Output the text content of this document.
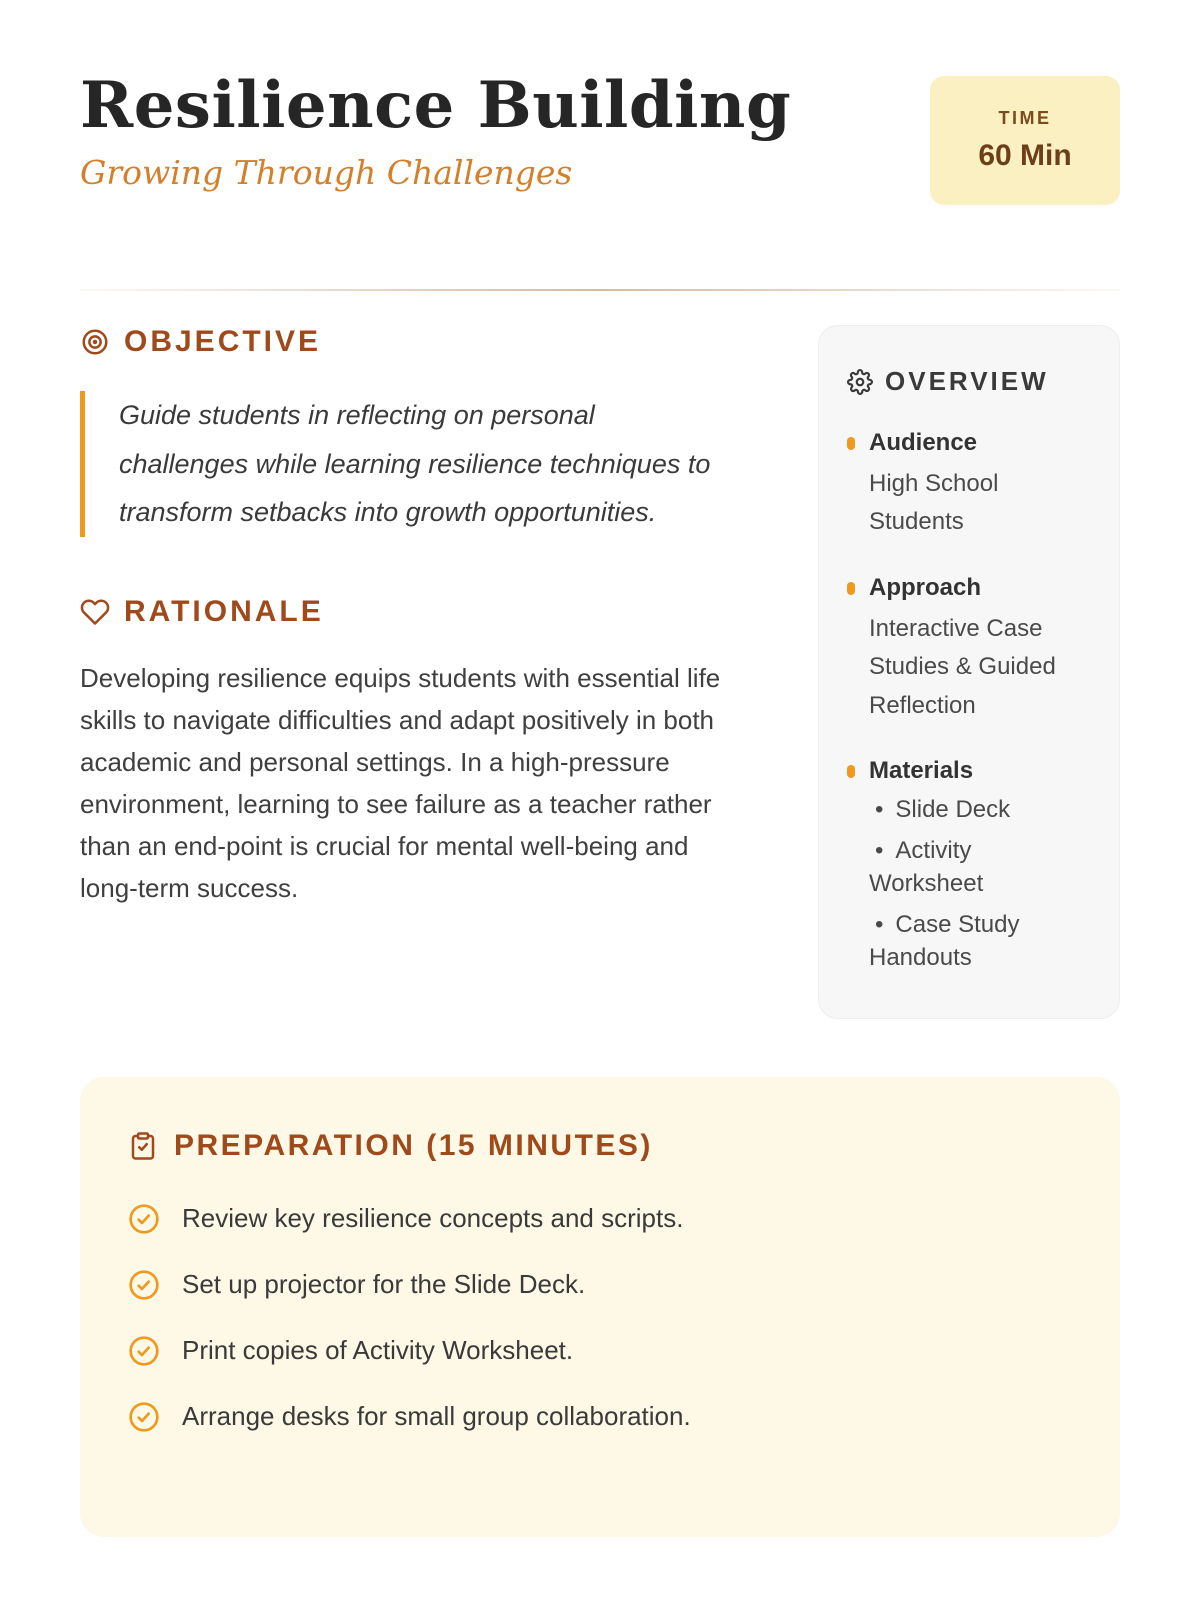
Resilience Building
Growing Through Challenges
TIME
60 Min
OBJECTIVE
Guide students in reflecting on personal challenges while learning resilience techniques to transform setbacks into growth opportunities.
RATIONALE

Developing resilience equips students with essential life skills to navigate difficulties and adapt positively in both academic and personal settings. In a high-pressure environment, learning to see failure as a teacher rather than an end-point is crucial for mental well-being and long-term success.

OVERVIEW
Audience
High School Students
Approach
Interactive Case Studies & Guided Reflection
Materials
• Slide Deck
• Activity Worksheet
• Case Study Handouts
PREPARATION (15 MINUTES)
Review key resilience concepts and scripts.
Set up projector for the Slide Deck.
Print copies of Activity Worksheet.
Arrange desks for small group collaboration.
